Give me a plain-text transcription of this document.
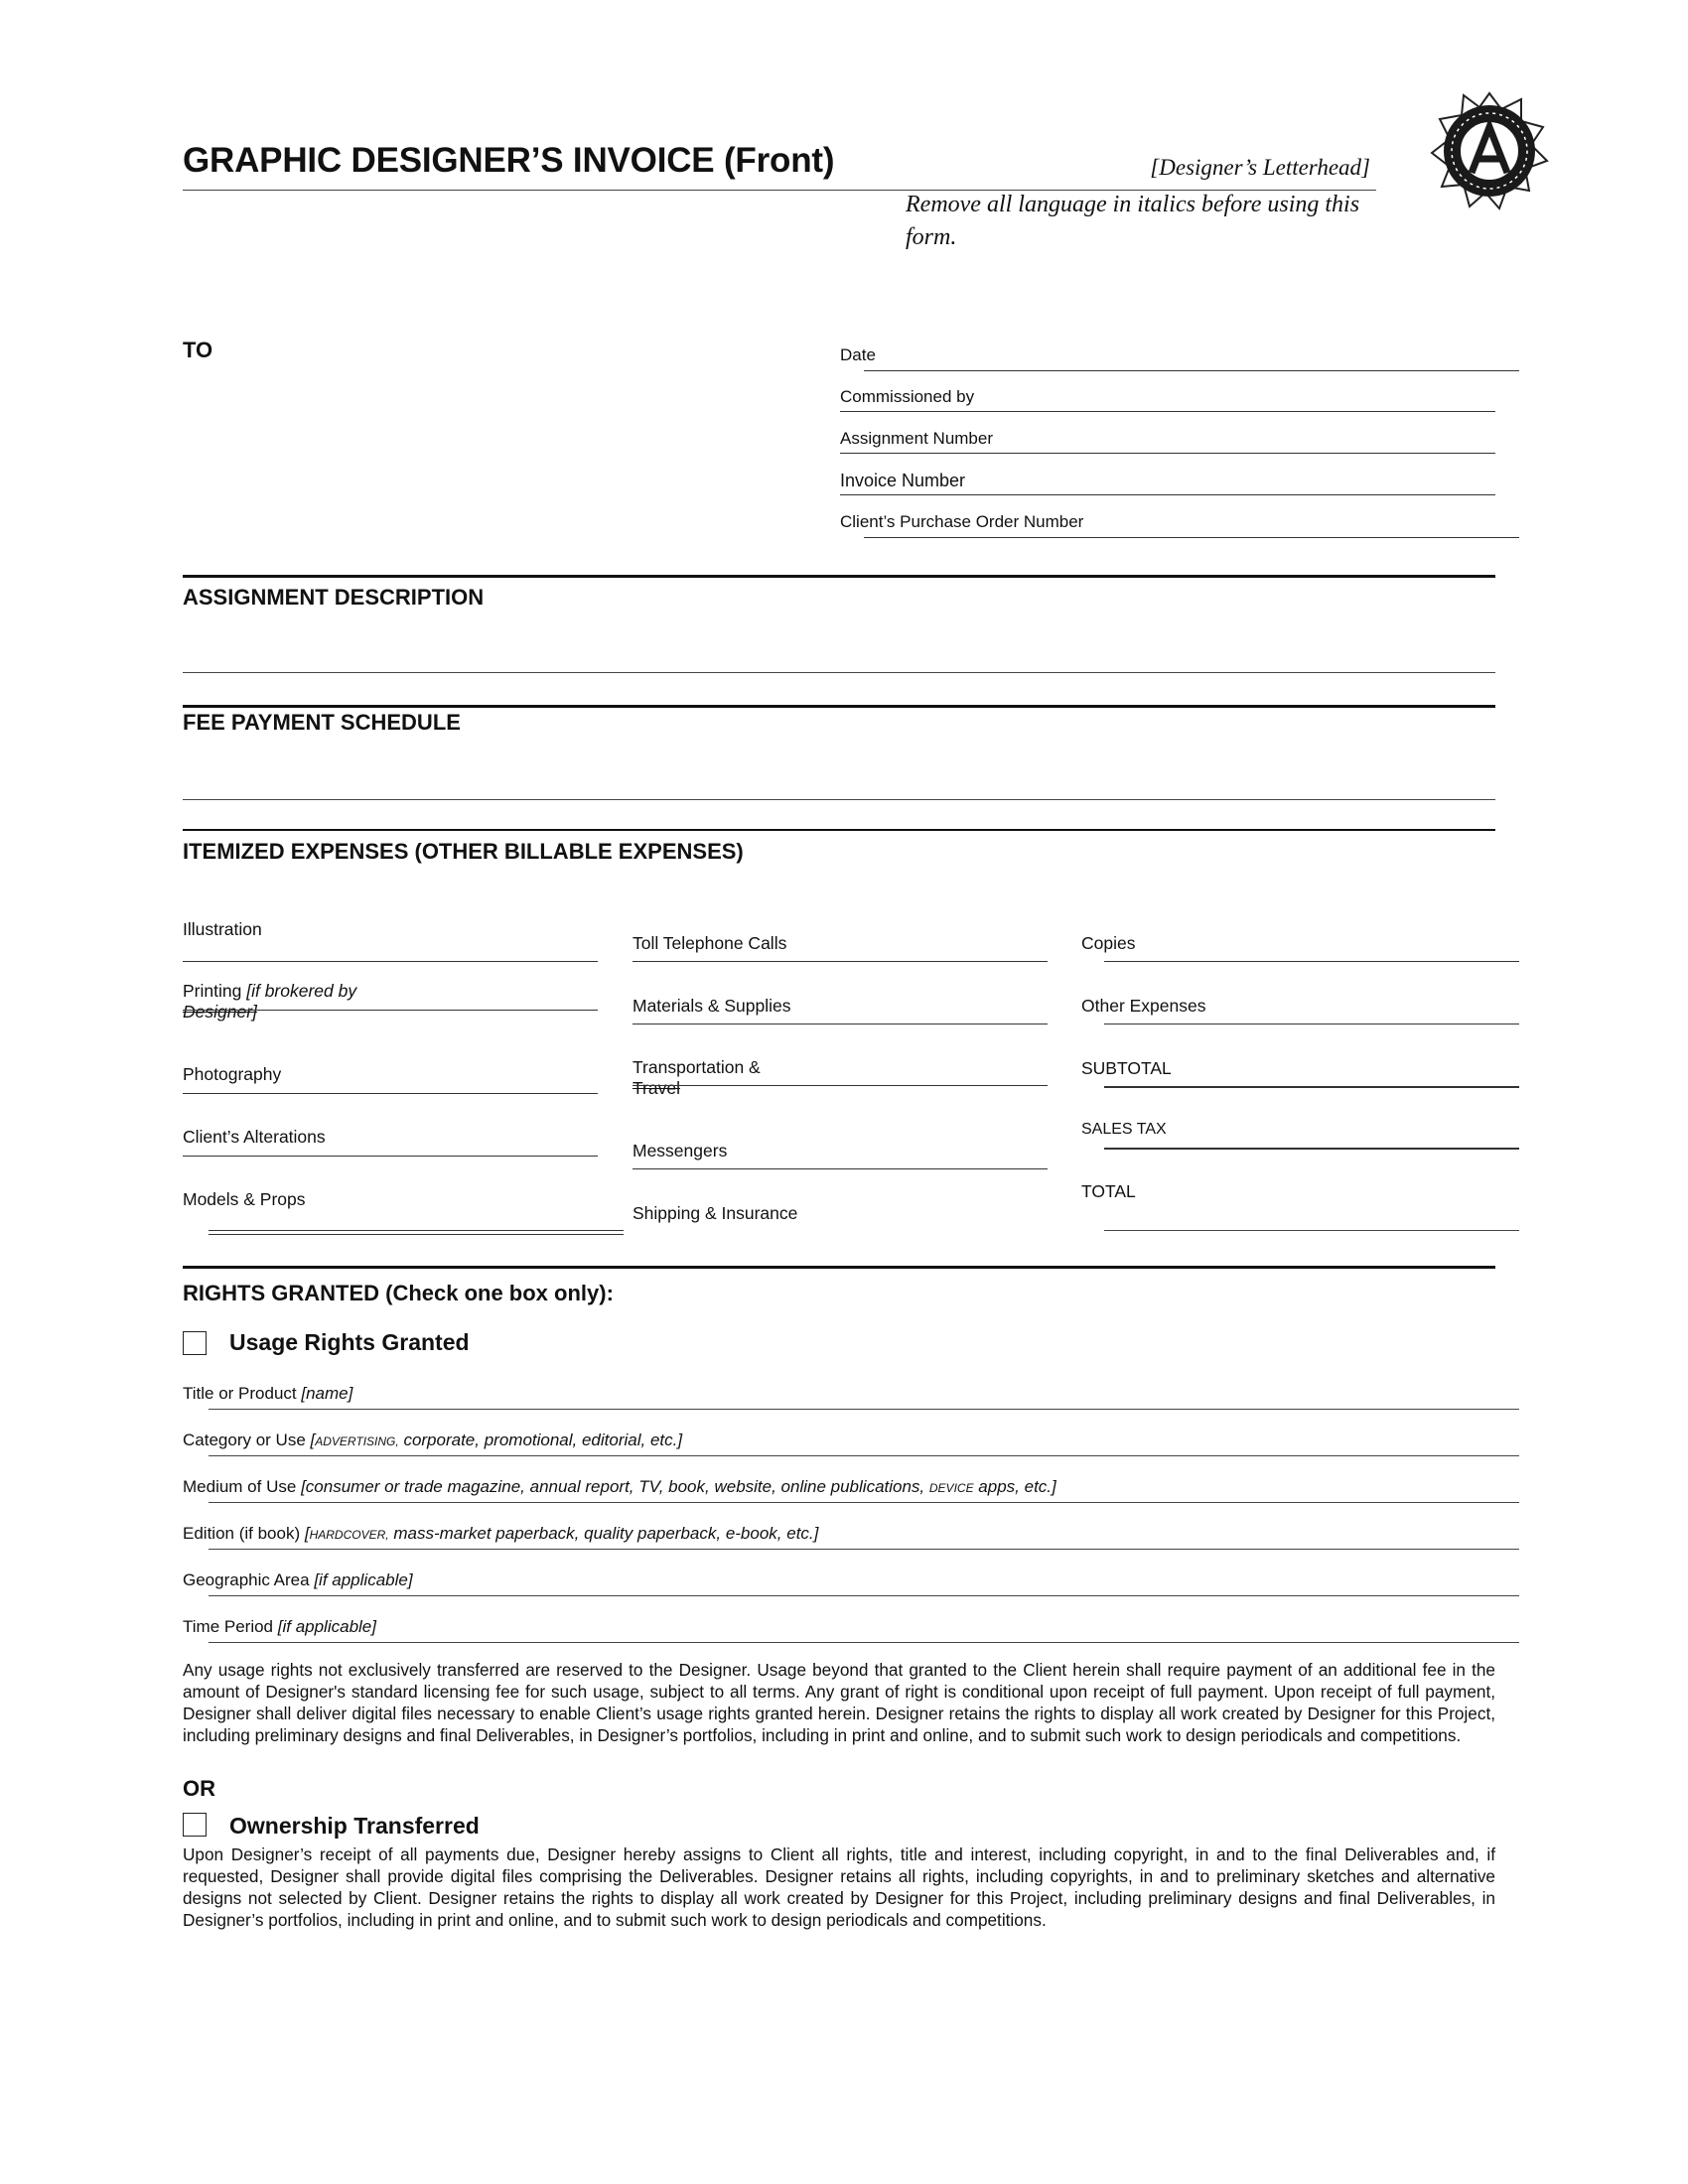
GRAPHIC DESIGNER’S INVOICE (Front)	[Designer’s Letterhead]
Remove all language in italics before using this form.
TO	Date
Commissioned by
Assignment Number
Invoice Number
Client’s Purchase Order Number
ASSIGNMENT DESCRIPTION
FEE PAYMENT SCHEDULE
ITEMIZED EXPENSES (OTHER BILLABLE EXPENSES)
Illustration
Printing [if brokered by
Designer]
Photography
Client’s Alterations
Models & Props
Toll Telephone Calls
Materials & Supplies
Transportation &
Travel
Messengers
Shipping & Insurance
Copies
Other Expenses
SUBTOTAL
SALES TAX
TOTAL
RIGHTS GRANTED (Check one box only):
Usage Rights Granted
Title or Product [name]
Category or Use [ADVERTISING, corporate, promotional, editorial, etc.]
Medium of Use [consumer or trade magazine, annual report, TV, book, website, online publications, DEVICE apps, etc.]
Edition (if book) [HARDCOVER, mass-market paperback, quality paperback, e-book, etc.]
Geographic Area [if applicable]
Time Period [if applicable]
Any usage rights not exclusively transferred are reserved to the Designer. Usage beyond that granted to the Client herein shall require payment of an additional fee in the amount of Designer's standard licensing fee for such usage, subject to all terms. Any grant of right is conditional upon receipt of full payment. Upon receipt of full payment, Designer shall deliver digital files necessary to enable Client’s usage rights granted herein. Designer retains the rights to display all work created by Designer for this Project, including preliminary designs and final Deliverables, in Designer’s portfolios, including in print and online, and to submit such work to design periodicals and competitions.
OR
Ownership Transferred
Upon Designer’s receipt of all payments due, Designer hereby assigns to Client all rights, title and interest, including copyright, in and to the final Deliverables and, if requested, Designer shall provide digital files comprising the Deliverables. Designer retains all rights, including copyrights, in and to preliminary sketches and alternative designs not selected by Client. Designer retains the rights to display all work created by Designer for this Project, including preliminary designs and final Deliverables, in Designer’s portfolios, including in print and online, and to submit such work to design periodicals and competitions.
